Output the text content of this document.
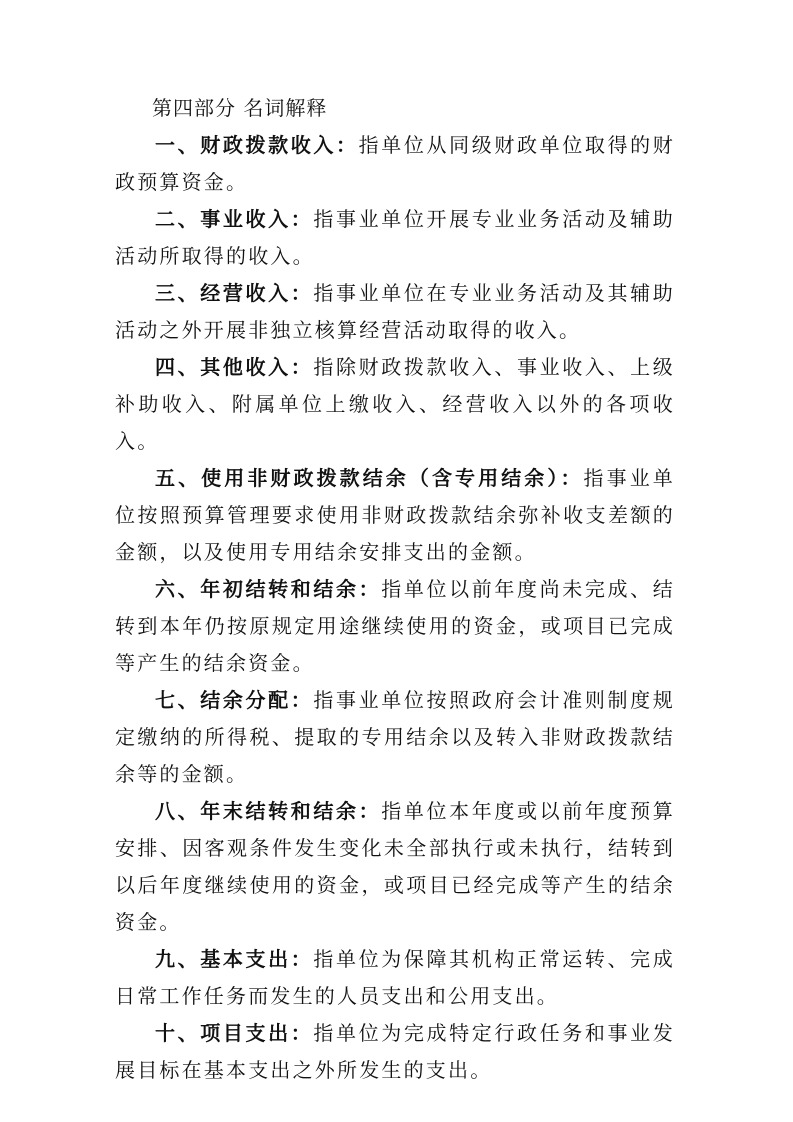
第四部分 名词解释

一、财政拨款收入：指单位从同级财政单位取得的财政预算资金。

二、事业收入：指事业单位开展专业业务活动及辅助活动所取得的收入。

三、经营收入：指事业单位在专业业务活动及其辅助活动之外开展非独立核算经营活动取得的收入。

四、其他收入：指除财政拨款收入、事业收入、上级补助收入、附属单位上缴收入、经营收入以外的各项收入。

五、使用非财政拨款结余（含专用结余）：指事业单位按照预算管理要求使用非财政拨款结余弥补收支差额的金额，以及使用专用结余安排支出的金额。

六、年初结转和结余：指单位以前年度尚未完成、结转到本年仍按原规定用途继续使用的资金，或项目已完成等产生的结余资金。

七、结余分配：指事业单位按照政府会计准则制度规定缴纳的所得税、提取的专用结余以及转入非财政拨款结余等的金额。

八、年末结转和结余：指单位本年度或以前年度预算安排、因客观条件发生变化未全部执行或未执行，结转到以后年度继续使用的资金，或项目已经完成等产生的结余资金。

九、基本支出：指单位为保障其机构正常运转、完成日常工作任务而发生的人员支出和公用支出。

十、项目支出：指单位为完成特定行政任务和事业发展目标在基本支出之外所发生的支出。
